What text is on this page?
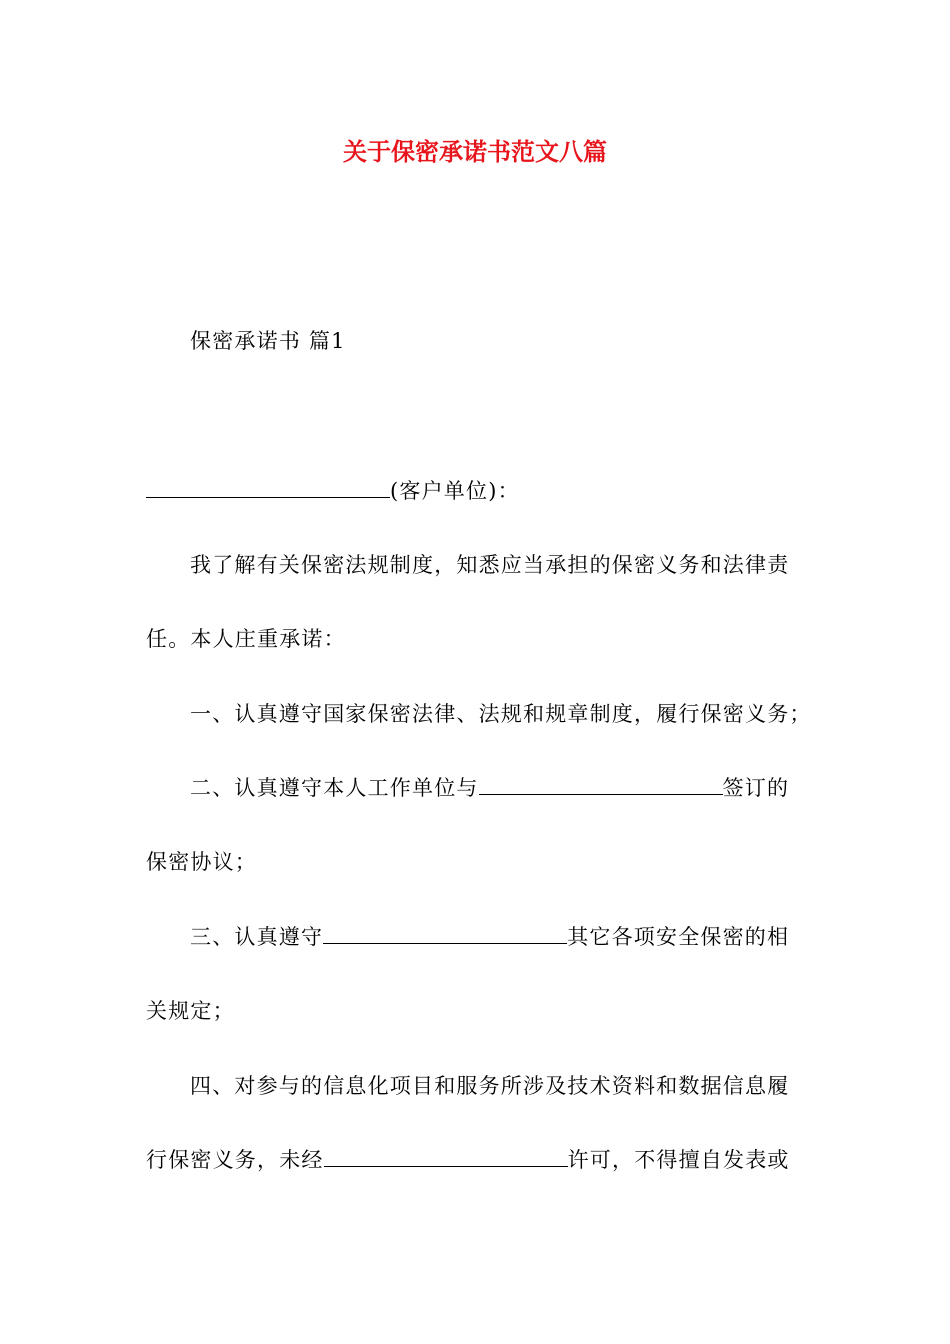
关于保密承诺书范文八篇
保密承诺书 篇1
(客户单位)：
我了解有关保密法规制度，知悉应当承担的保密义务和法律责
任。本人庄重承诺：
一、认真遵守国家保密法律、法规和规章制度，履行保密义务；
二、认真遵守本人工作单位与	签订的
保密协议；
三、认真遵守	其它各项安全保密的相
关规定；
四、对参与的信息化项目和服务所涉及技术资料和数据信息履
行保密义务，未经	许可，不得擅自发表或
